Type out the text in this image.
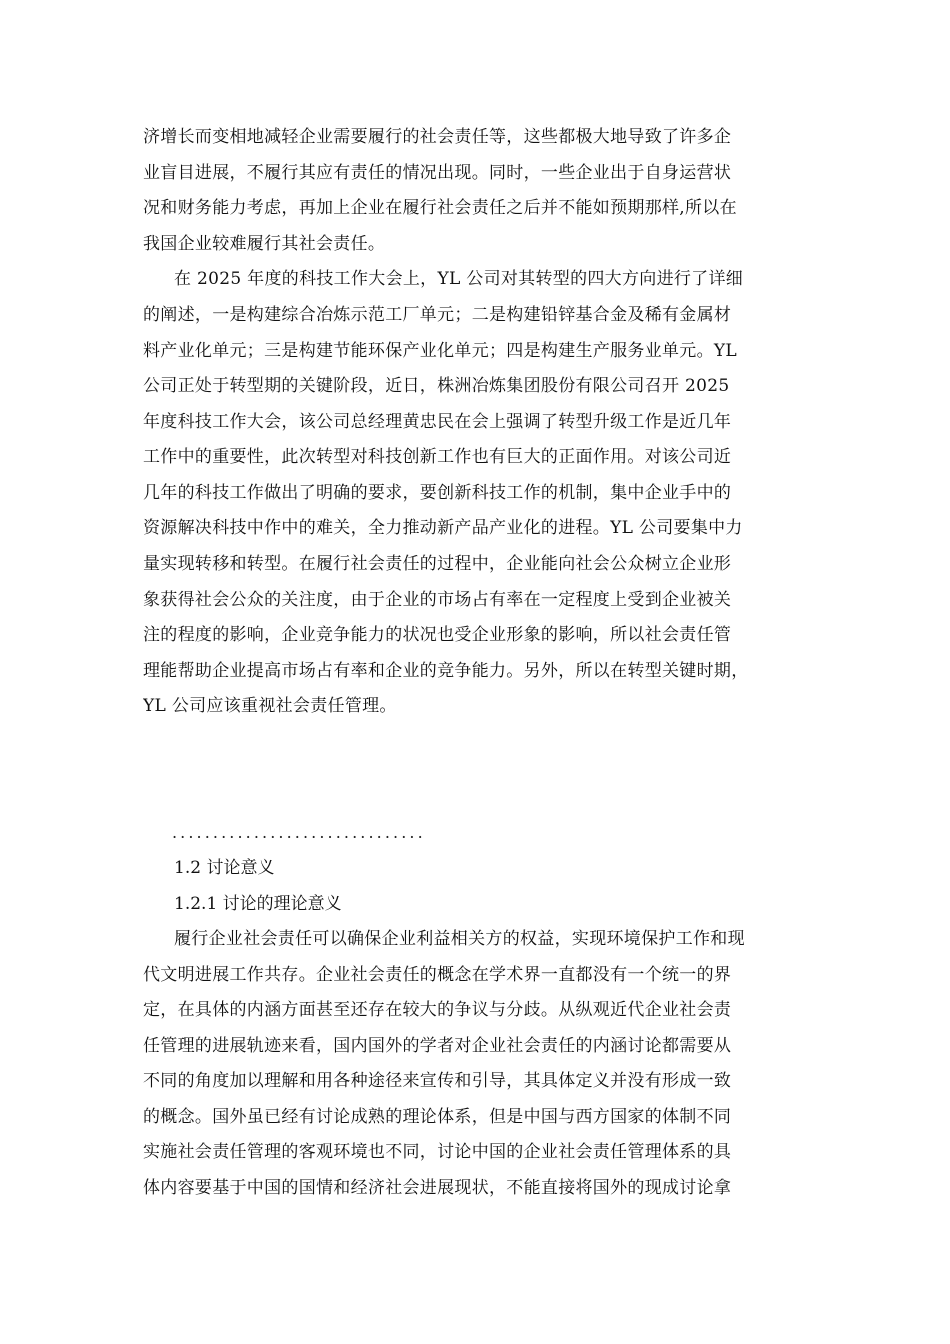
济增长而变相地减轻企业需要履行的社会责任等，这些都极大地导致了许多企
业盲目进展，不履行其应有责任的情况出现。同时，一些企业出于自身运营状
况和财务能力考虑，再加上企业在履行社会责任之后并不能如预期那样,所以在
我国企业较难履行其社会责任。
在 2025 年度的科技工作大会上，YL 公司对其转型的四大方向进行了详细
的阐述，一是构建综合冶炼示范工厂单元；二是构建铅锌基合金及稀有金属材
料产业化单元；三是构建节能环保产业化单元；四是构建生产服务业单元。YL
公司正处于转型期的关键阶段，近日，株洲冶炼集团股份有限公司召开 2025
年度科技工作大会，该公司总经理黄忠民在会上强调了转型升级工作是近几年
工作中的重要性，此次转型对科技创新工作也有巨大的正面作用。对该公司近
几年的科技工作做出了明确的要求，要创新科技工作的机制，集中企业手中的
资源解决科技中作中的难关，全力推动新产品产业化的进程。YL 公司要集中力
量实现转移和转型。在履行社会责任的过程中，企业能向社会公众树立企业形
象获得社会公众的关注度，由于企业的市场占有率在一定程度上受到企业被关
注的程度的影响，企业竞争能力的状况也受企业形象的影响，所以社会责任管
理能帮助企业提高市场占有率和企业的竞争能力。另外，所以在转型关键时期，
YL 公司应该重视社会责任管理。
...............................
1.2 讨论意义
1.2.1 讨论的理论意义
履行企业社会责任可以确保企业利益相关方的权益，实现环境保护工作和现
代文明进展工作共存。企业社会责任的概念在学术界一直都没有一个统一的界
定，在具体的内涵方面甚至还存在较大的争议与分歧。从纵观近代企业社会责
任管理的进展轨迹来看，国内国外的学者对企业社会责任的内涵讨论都需要从
不同的角度加以理解和用各种途径来宣传和引导，其具体定义并没有形成一致
的概念。国外虽已经有讨论成熟的理论体系，但是中国与西方国家的体制不同
实施社会责任管理的客观环境也不同，讨论中国的企业社会责任管理体系的具
体内容要基于中国的国情和经济社会进展现状，不能直接将国外的现成讨论拿
